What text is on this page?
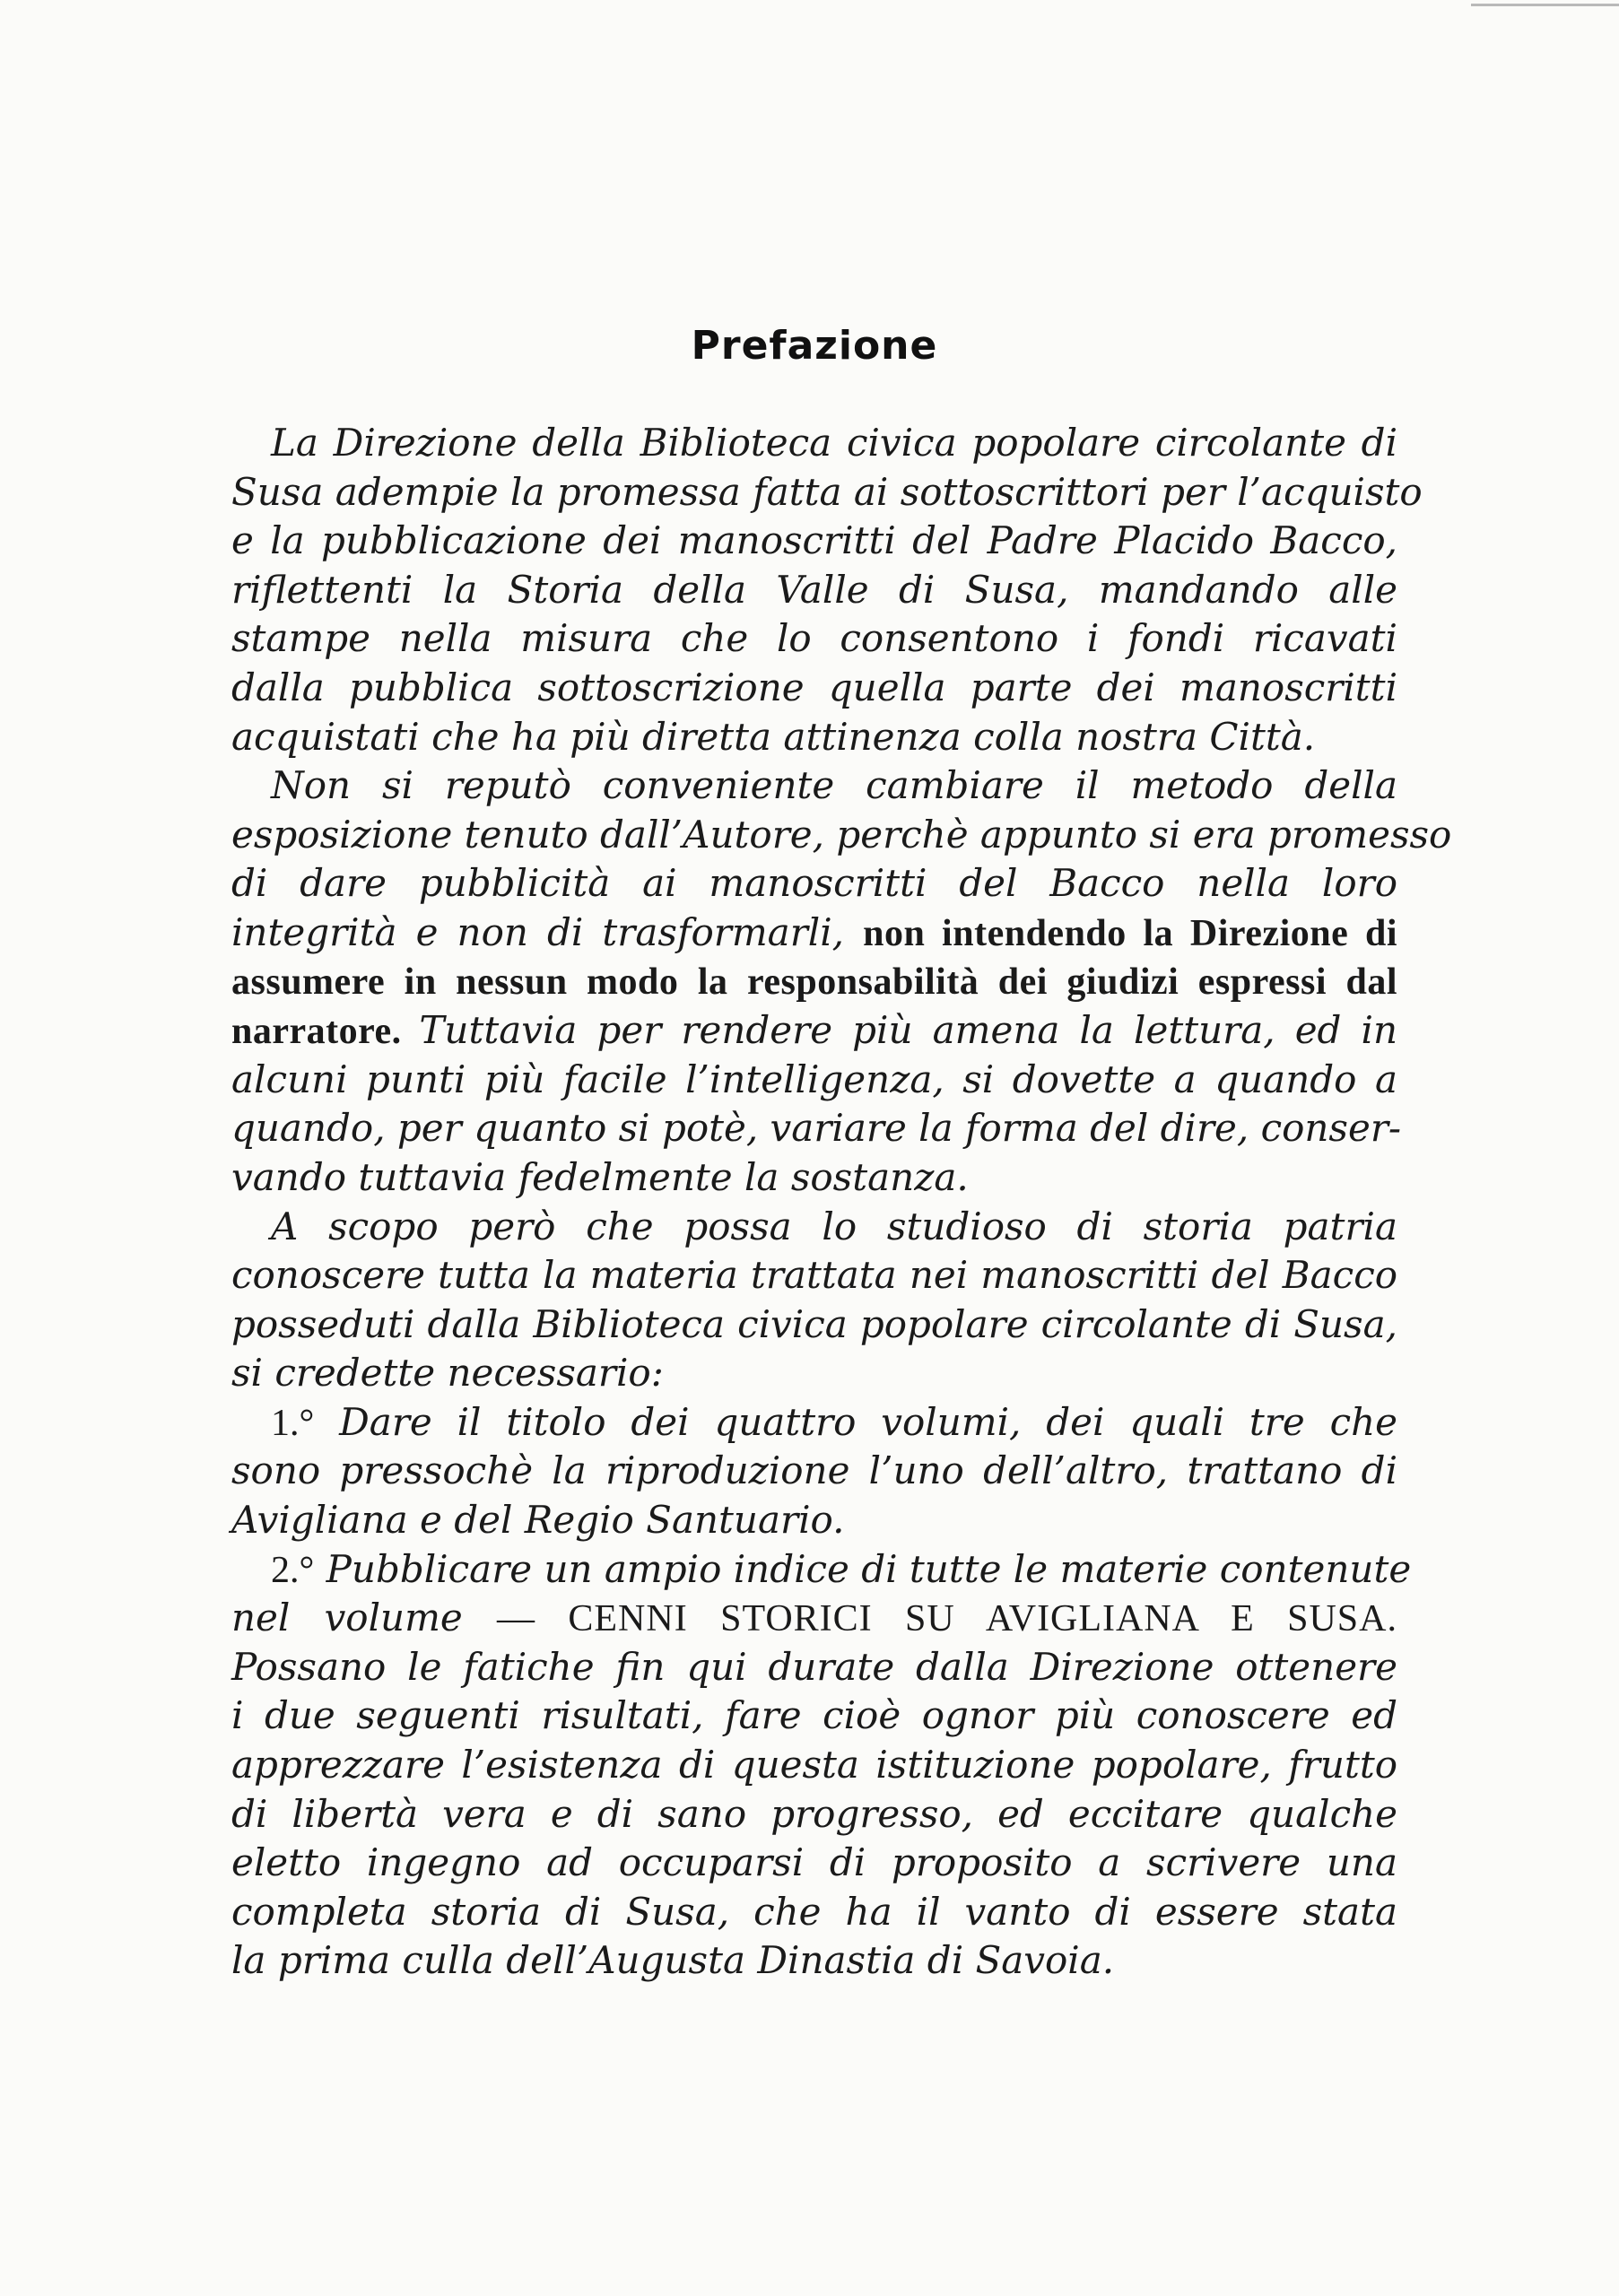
Prefazione
La Direzione della Biblioteca civica popolare circolante di
Susa adempie la promessa fatta ai sottoscrittori per l’acquisto
e la pubblicazione dei manoscritti del Padre Placido Bacco,
riflettenti la Storia della Valle di Susa, mandando alle
stampe nella misura che lo consentono i fondi ricavati
dalla pubblica sottoscrizione quella parte dei manoscritti
acquistati che ha più diretta attinenza colla nostra Città.
Non si reputò conveniente cambiare il metodo della
esposizione tenuto dall’Autore, perchè appunto si era promesso
di dare pubblicità ai manoscritti del Bacco nella loro
integrità e non di trasformarli, non intendendo la Direzione di
assumere in nessun modo la responsabilità dei giudizi espressi dal
narratore. Tuttavia per rendere più amena la lettura, ed in
alcuni punti più facile l’intelligenza, si dovette a quando a
quando, per quanto si potè, variare la forma del dire, conser-
vando tuttavia fedelmente la sostanza.
A scopo però che possa lo studioso di storia patria
conoscere tutta la materia trattata nei manoscritti del Bacco
posseduti dalla Biblioteca civica popolare circolante di Susa,
si credette necessario:
1.° Dare il titolo dei quattro volumi, dei quali tre che
sono pressochè la riproduzione l’uno dell’altro, trattano di
Avigliana e del Regio Santuario.
2.° Pubblicare un ampio indice di tutte le materie contenute
nel volume — CENNI STORICI SU AVIGLIANA E SUSA.
Possano le fatiche fin qui durate dalla Direzione ottenere
i due seguenti risultati, fare cioè ognor più conoscere ed
apprezzare l’esistenza di questa istituzione popolare, frutto
di libertà vera e di sano progresso, ed eccitare qualche
eletto ingegno ad occuparsi di proposito a scrivere una
completa storia di Susa, che ha il vanto di essere stata
la prima culla dell’Augusta Dinastia di Savoia.
